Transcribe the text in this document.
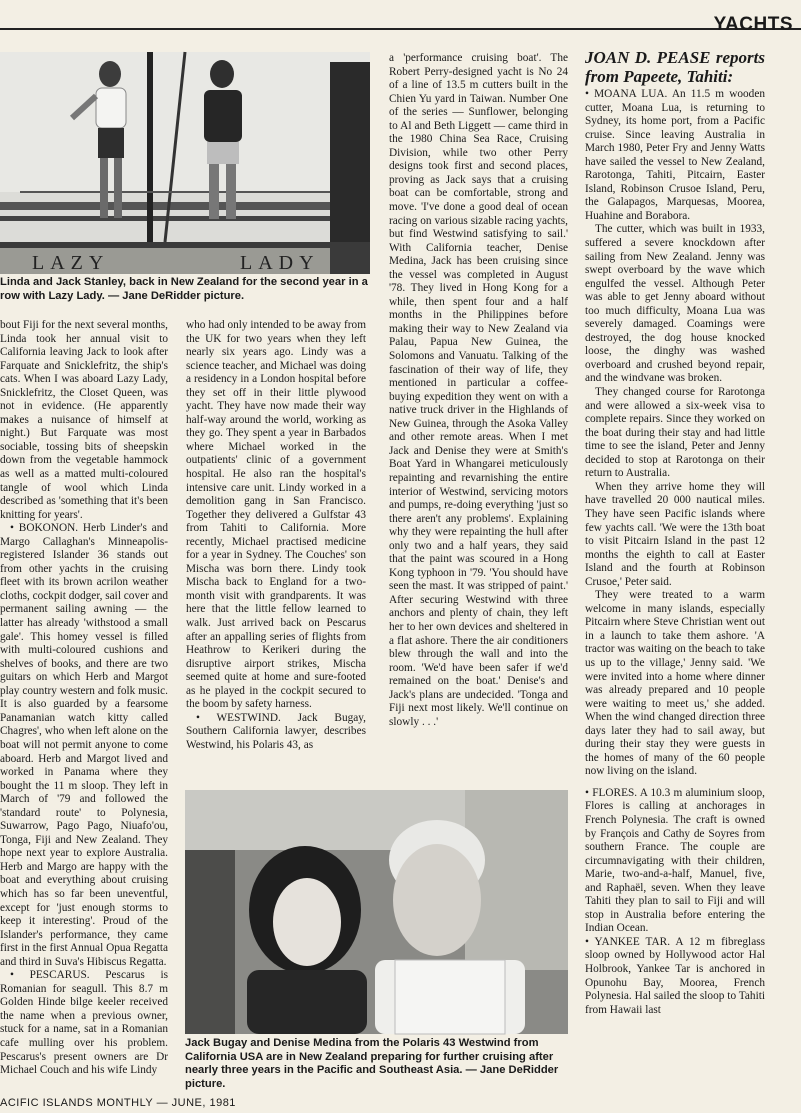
YACHTS
LAZY	LADY
Linda and Jack Stanley, back in New Zealand for the second year in a row with Lazy Lady. — Jane DeRidder picture.

bout Fiji for the next several months, Linda took her annual visit to California leaving Jack to look after Farquate and Snicklefritz, the ship's cats. When I was aboard Lazy Lady, Snicklefritz, the Closet Queen, was not in evidence. (He apparently makes a nuisance of himself at night.) But Farquate was most sociable, tossing bits of sheepskin down from the vegetable hammock as well as a matted multi-coloured tangle of wool which Linda described as 'something that it's been knitting for years'.

• BOKONON. Herb Linder's and Margo Callaghan's Minneapolis-registered Islander 36 stands out from other yachts in the cruising fleet with its brown acrilon weather cloths, cockpit dodger, sail cover and permanent sailing awning — the latter has already 'withstood a small gale'. This homey vessel is filled with multi-coloured cushions and shelves of books, and there are two guitars on which Herb and Margot play country western and folk music. It is also guarded by a fearsome Panamanian watch kitty called Chagres', who when left alone on the boat will not permit anyone to come aboard. Herb and Margot lived and worked in Panama where they bought the 11 m sloop. They left in March of '79 and followed the 'standard route' to Polynesia, Suwarrow, Pago Pago, Niuafo'ou, Tonga, Fiji and New Zealand. They hope next year to explore Australia. Herb and Margo are happy with the boat and everything about cruising which has so far been uneventful, except for 'just enough storms to keep it interesting'. Proud of the Islander's performance, they came first in the first Annual Opua Regatta and third in Suva's Hibiscus Regatta.

• PESCARUS. Pescarus is Romanian for seagull. This 8.7 m Golden Hinde bilge keeler received the name when a previous owner, stuck for a name, sat in a Romanian cafe mulling over his problem. Pescarus's present owners are Dr Michael Couch and his wife Lindy

who had only intended to be away from the UK for two years when they left nearly six years ago. Lindy was a science teacher, and Michael was doing a residency in a London hospital before they set off in their little plywood yacht. They have now made their way half-way around the world, working as they go. They spent a year in Barbados where Michael worked in the outpatients' clinic of a government hospital. He also ran the hospital's intensive care unit. Lindy worked in a demolition gang in San Francisco. Together they delivered a Gulfstar 43 from Tahiti to California. More recently, Michael practised medicine for a year in Sydney. The Couches' son Mischa was born there. Lindy took Mischa back to England for a two-month visit with grandparents. It was here that the little fellow learned to walk. Just arrived back on Pescarus after an appalling series of flights from Heathrow to Kerikeri during the disruptive airport strikes, Mischa seemed quite at home and sure-footed as he played in the cockpit secured to the boom by safety harness.

• WESTWIND. Jack Bugay, Southern California lawyer, describes Westwind, his Polaris 43, as

a 'performance cruising boat'. The Robert Perry-designed yacht is No 24 of a line of 13.5 m cutters built in the Chien Yu yard in Taiwan. Number One of the series — Sunflower, belonging to Al and Beth Liggett — came third in the 1980 China Sea Race, Cruising Division, while two other Perry designs took first and second places, proving as Jack says that a cruising boat can be comfortable, strong and move. 'I've done a good deal of ocean racing on various sizable racing yachts, but find Westwind satisfying to sail.' With California teacher, Denise Medina, Jack has been cruising since the vessel was completed in August '78. They lived in Hong Kong for a while, then spent four and a half months in the Philippines before making their way to New Zealand via Palau, Papua New Guinea, the Solomons and Vanuatu. Talking of the fascination of their way of life, they mentioned in particular a coffee-buying expedition they went on with a native truck driver in the Highlands of New Guinea, through the Asoka Valley and other remote areas. When I met Jack and Denise they were at Smith's Boat Yard in Whangarei meticulously repainting and revarnishing the entire interior of Westwind, servicing motors and pumps, re-doing everything 'just so there aren't any problems'. Explaining why they were repainting the hull after only two and a half years, they said that the paint was scoured in a Hong Kong typhoon in '79. 'You should have seen the mast. It was stripped of paint.' After securing Westwind with three anchors and plenty of chain, they left her to her own devices and sheltered in a flat ashore. There the air conditioners blew through the wall and into the room. 'We'd have been safer if we'd remained on the boat.' Denise's and Jack's plans are undecided. 'Tonga and Fiji next most likely. We'll continue on slowly . . .'

Jack Bugay and Denise Medina from the Polaris 43 Westwind from California USA are in New Zealand preparing for further cruising after nearly three years in the Pacific and Southeast Asia. — Jane DeRidder picture.
JOAN D. PEASE reports from Papeete, Tahiti:

• MOANA LUA. An 11.5 m wooden cutter, Moana Lua, is returning to Sydney, its home port, from a Pacific cruise. Since leaving Australia in March 1980, Peter Fry and Jenny Watts have sailed the vessel to New Zealand, Rarotonga, Tahiti, Pitcairn, Easter Island, Robinson Crusoe Island, Peru, the Galapagos, Marquesas, Moorea, Huahine and Borabora.

The cutter, which was built in 1933, suffered a severe knockdown after sailing from New Zealand. Jenny was swept overboard by the wave which engulfed the vessel. Although Peter was able to get Jenny aboard without too much difficulty, Moana Lua was severely damaged. Coamings were destroyed, the dog house knocked loose, the dinghy was washed overboard and crushed beyond repair, and the windvane was broken.

They changed course for Rarotonga and were allowed a six-week visa to complete repairs. Since they worked on the boat during their stay and had little time to see the island, Peter and Jenny decided to stop at Rarotonga on their return to Australia.

When they arrive home they will have travelled 20 000 nautical miles. They have seen Pacific islands where few yachts call. 'We were the 13th boat to visit Pitcairn Island in the past 12 months the eighth to call at Easter Island and the fourth at Robinson Crusoe,' Peter said.

They were treated to a warm welcome in many islands, especially Pitcairn where Steve Christian went out in a launch to take them ashore. 'A tractor was waiting on the beach to take us up to the village,' Jenny said. 'We were invited into a home where dinner was already prepared and 10 people were waiting to meet us,' she added. When the wind changed direction three days later they had to sail away, but during their stay they were guests in the homes of many of the 60 people now living on the island.

• FLORES. A 10.3 m aluminium sloop, Flores is calling at anchorages in French Polynesia. The craft is owned by François and Cathy de Soyres from southern France. The couple are circumnavigating with their children, Marie, two-and-a-half, Manuel, five, and Raphaël, seven. When they leave Tahiti they plan to sail to Fiji and will stop in Australia before entering the Indian Ocean.

• YANKEE TAR. A 12 m fibreglass sloop owned by Hollywood actor Hal Holbrook, Yankee Tar is anchored in Opunohu Bay, Moorea, French Polynesia. Hal sailed the sloop to Tahiti from Hawaii last

ACIFIC ISLANDS MONTHLY — JUNE, 1981
